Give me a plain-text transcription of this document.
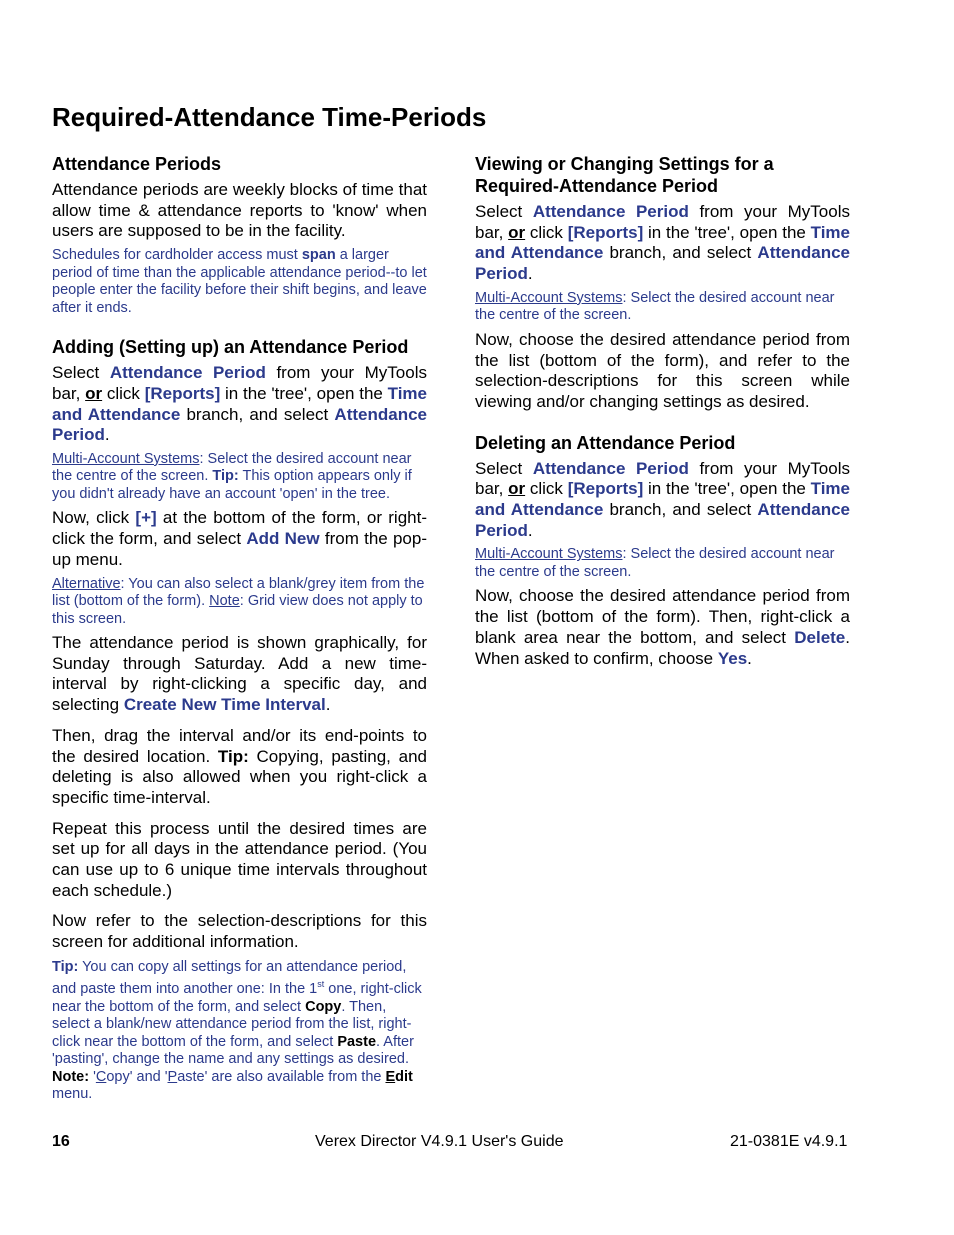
Required-Attendance Time-Periods
Attendance Periods

Attendance periods are weekly blocks of time that allow time & attendance reports to 'know' when users are supposed to be in the facility.

Schedules for cardholder access must span a larger period of time than the applicable attendance period--to let people enter the facility before their shift begins, and leave after it ends.

Adding (Setting up) an Attendance Period

Select Attendance Period from your MyTools bar, or click [Reports] in the 'tree', open the Time and Attendance branch, and select Attendance Period.

Multi-Account Systems: Select the desired account near the centre of the screen. Tip: This option appears only if you didn't already have an account 'open' in the tree.

Now, click [+] at the bottom of the form, or right-click the form, and select Add New from the pop-up menu.

Alternative: You can also select a blank/grey item from the list (bottom of the form). Note: Grid view does not apply to this screen.

The attendance period is shown graphically, for Sunday through Saturday. Add a new time-interval by right-clicking a specific day, and selecting Create New Time Interval.

Then, drag the interval and/or its end-points to the desired location. Tip: Copying, pasting, and deleting is also allowed when you right-click a specific time-interval.

Repeat this process until the desired times are set up for all days in the attendance period. (You can use up to 6 unique time intervals throughout each schedule.)

Now refer to the selection-descriptions for this screen for additional information.

Tip: You can copy all settings for an attendance period, and paste them into another one: In the 1st one, right-click near the bottom of the form, and select Copy. Then, select a blank/new attendance period from the list, right-click near the bottom of the form, and select Paste. After 'pasting', change the name and any settings as desired. Note: 'Copy' and 'Paste' are also available from the Edit menu.

Viewing or Changing Settings for a Required-Attendance Period

Select Attendance Period from your MyTools bar, or click [Reports] in the 'tree', open the Time and Attendance branch, and select Attendance Period.

Multi-Account Systems: Select the desired account near the centre of the screen.

Now, choose the desired attendance period from the list (bottom of the form), and refer to the selection-descriptions for this screen while viewing and/or changing settings as desired.

Deleting an Attendance Period

Select Attendance Period from your MyTools bar, or click [Reports] in the 'tree', open the Time and Attendance branch, and select Attendance Period.

Multi-Account Systems: Select the desired account near the centre of the screen.

Now, choose the desired attendance period from the list (bottom of the form). Then, right-click a blank area near the bottom, and select Delete. When asked to confirm, choose Yes.

16	Verex Director V4.9.1 User's Guide	21-0381E v4.9.1
